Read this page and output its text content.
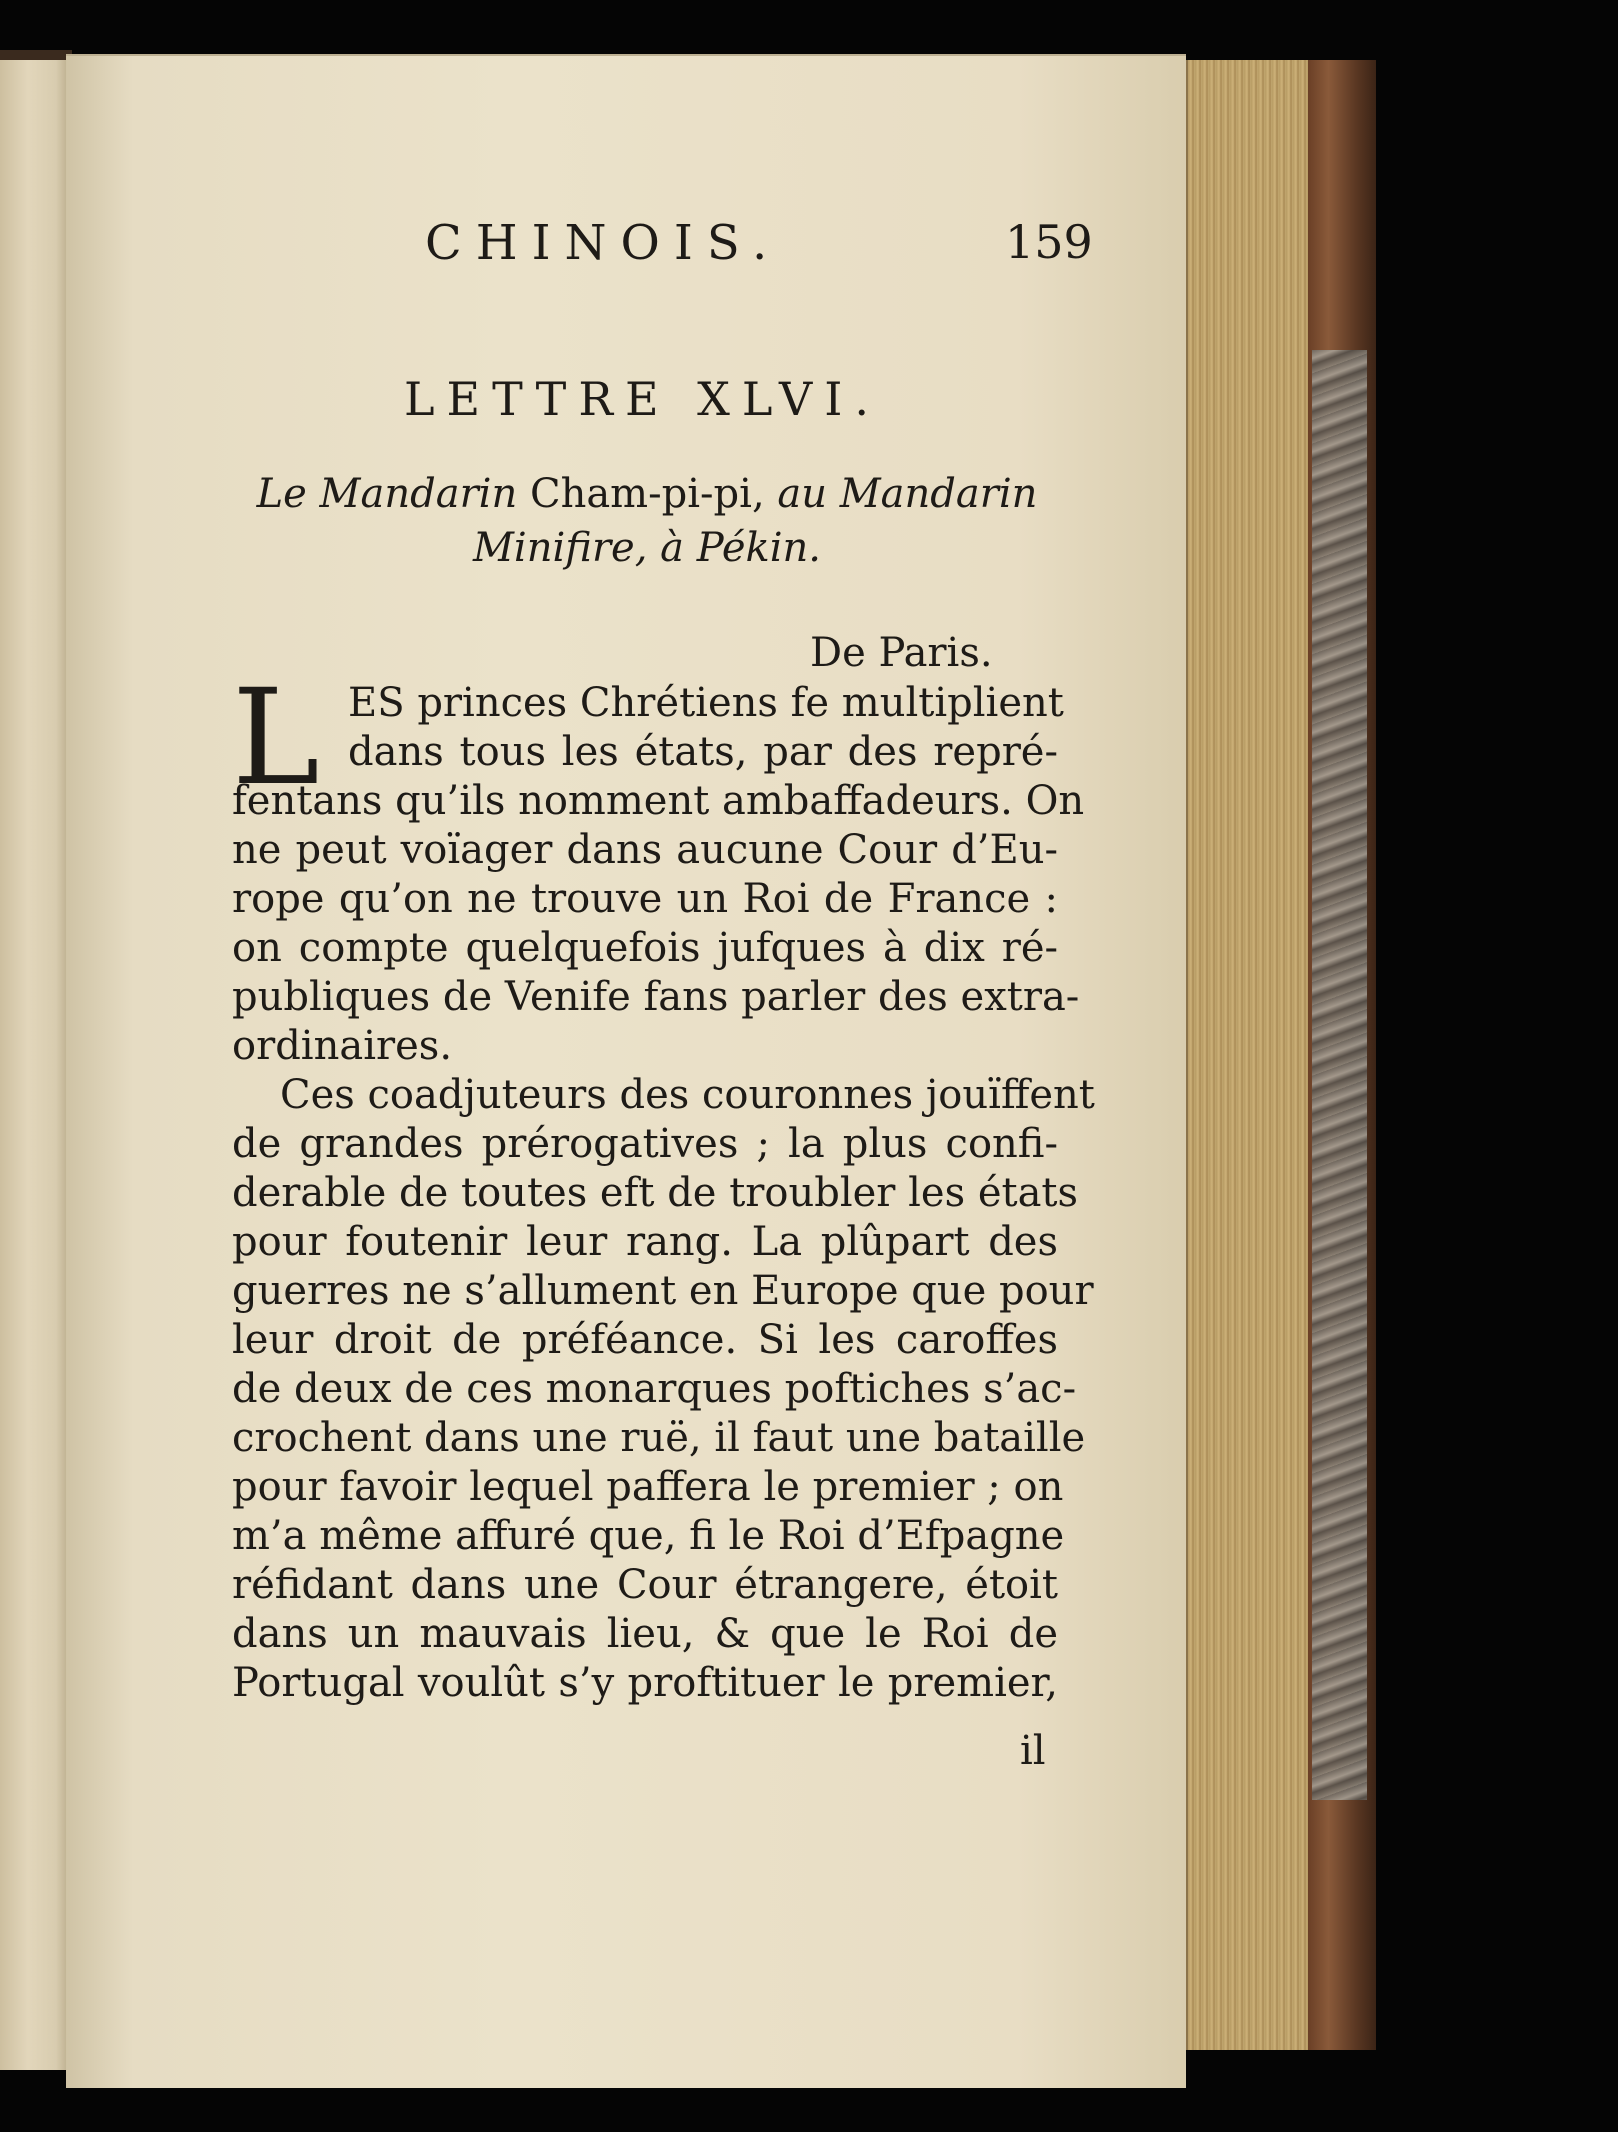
CHINOIS.	159
LETTRE XLVI.
Le Mandarin Cham-pi-pi, au Mandarin
Minifire, à Pékin.
De Paris.
L ES princes Chrétiens fe multiplient
dans tous les états, par des repré-
fentans qu’ils nomment ambaffadeurs. On
ne peut voïager dans aucune Cour d’Eu-
rope qu’on ne trouve un Roi de France :
on compte quelquefois jufques à dix ré-
publiques de Venife fans parler des extra-
ordinaires.
Ces coadjuteurs des couronnes jouïffent
de grandes prérogatives ; la plus confi-
derable de toutes eft de troubler les états
pour foutenir leur rang. La plûpart des
guerres ne s’allument en Europe que pour
leur droit de préféance. Si les caroffes
de deux de ces monarques poftiches s’ac-
crochent dans une ruë, il faut une bataille
pour favoir lequel paffera le premier ; on
m’a même affuré que, fi le Roi d’Efpagne
réfidant dans une Cour étrangere, étoit
dans un mauvais lieu, & que le Roi de
Portugal voulût s’y proftituer le premier,
il
